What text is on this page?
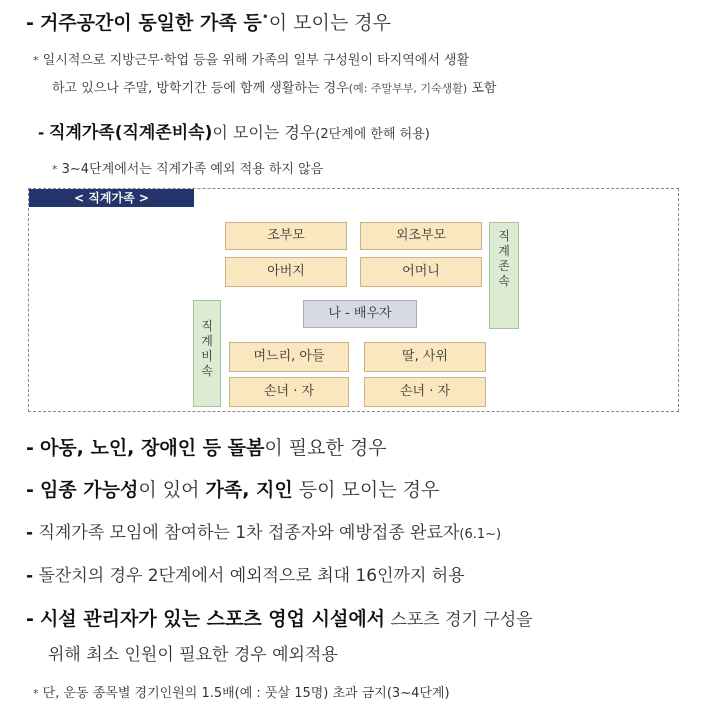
- 거주공간이 동일한 가족 등•이 모이는 경우
* 일시적으로 지방근무·학업 등을 위해 가족의 일부 구성원이 타지역에서 생활
하고 있으나 주말, 방학기간 등에 함께 생활하는 경우(예: 주말부부, 기숙생활) 포함
- 직계가족(직계존비속)이 모이는 경우(2단계에 한해 허용)
* 3∼4단계에서는 직계가족 예외 적용 하지 않음
< 직계가족 >
조부모	외조부모
아버지	어머니
직
계
존
속
나 - 배우자
직
계
비
속
며느리, 아들	딸, 사위
손녀 · 자	손녀 · 자
- 아동, 노인, 장애인 등 돌봄이 필요한 경우
- 임종 가능성이 있어 가족, 지인 등이 모이는 경우
- 직계가족 모임에 참여하는 1차 접종자와 예방접종 완료자(6.1~)
- 돌잔치의 경우 2단계에서 예외적으로 최대 16인까지 허용
- 시설 관리자가 있는 스포츠 영업 시설에서 스포츠 경기 구성을
위해 최소 인원이 필요한 경우 예외적용
* 단, 운동 종목별 경기인원의 1.5배(예 : 풋살 15명) 초과 금지(3~4단계)
